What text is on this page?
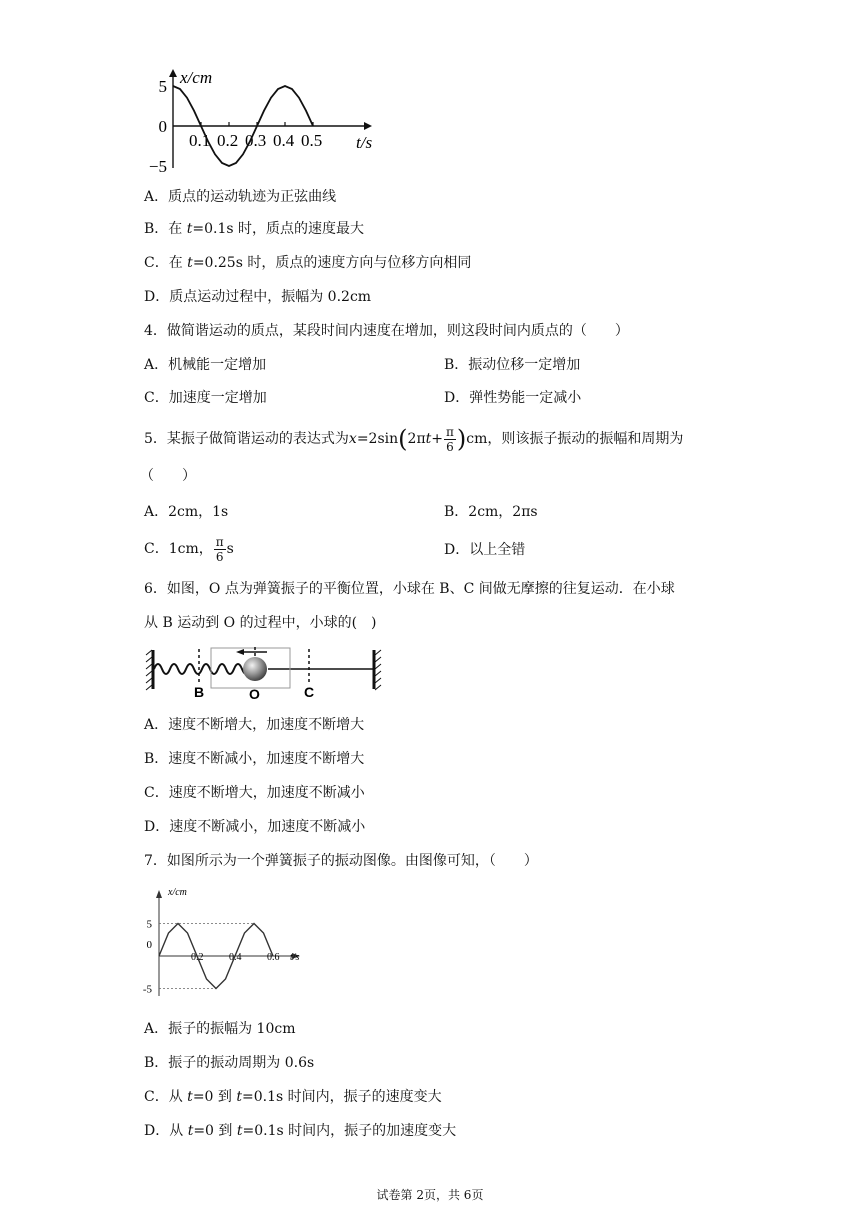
x/cm
t/s
5
0
−5
0.1 0.2 0.3 0.4 0.5
A．质点的运动轨迹为正弦曲线
B．在 t=0.1s 时，质点的速度最大
C．在 t=0.25s 时，质点的速度方向与位移方向相同
D．质点运动过程中，振幅为 0.2cm
4．做简谐运动的质点，某段时间内速度在增加，则这段时间内质点的（　　）
A．机械能一定增加	B．振动位移一定增加
C．加速度一定增加	D．弹性势能一定减小
5．某振子做简谐运动的表达式为$x=2\sin(2\pi t+ \frac{\pi}{6} )cm$，则该振子振动的振幅和周期为
（　　）
A．2cm，1s	B．2cm，2πs
C．1cm， $\frac{\pi}{6}$ s	D．以上全错
6．如图，O 点为弹簧振子的平衡位置，小球在 B、C 间做无摩擦的往复运动．在小球
从 B 运动到 O 的过程中，小球的(　)
B	O	C
A．速度不断增大，加速度不断增大
B．速度不断减小，加速度不断增大
C．速度不断增大，加速度不断减小
D．速度不断减小，加速度不断减小
7．如图所示为一个弹簧振子的振动图像。由图像可知，（　　）
x/cm
t/s
5
0
-5
0.2	0.4	0.6
A．振子的振幅为 10cm
B．振子的振动周期为 0.6s
C．从 t=0 到 t=0.1s 时间内，振子的速度变大
D．从 t=0 到 t=0.1s 时间内，振子的加速度变大
试卷第 2页，共 6页
